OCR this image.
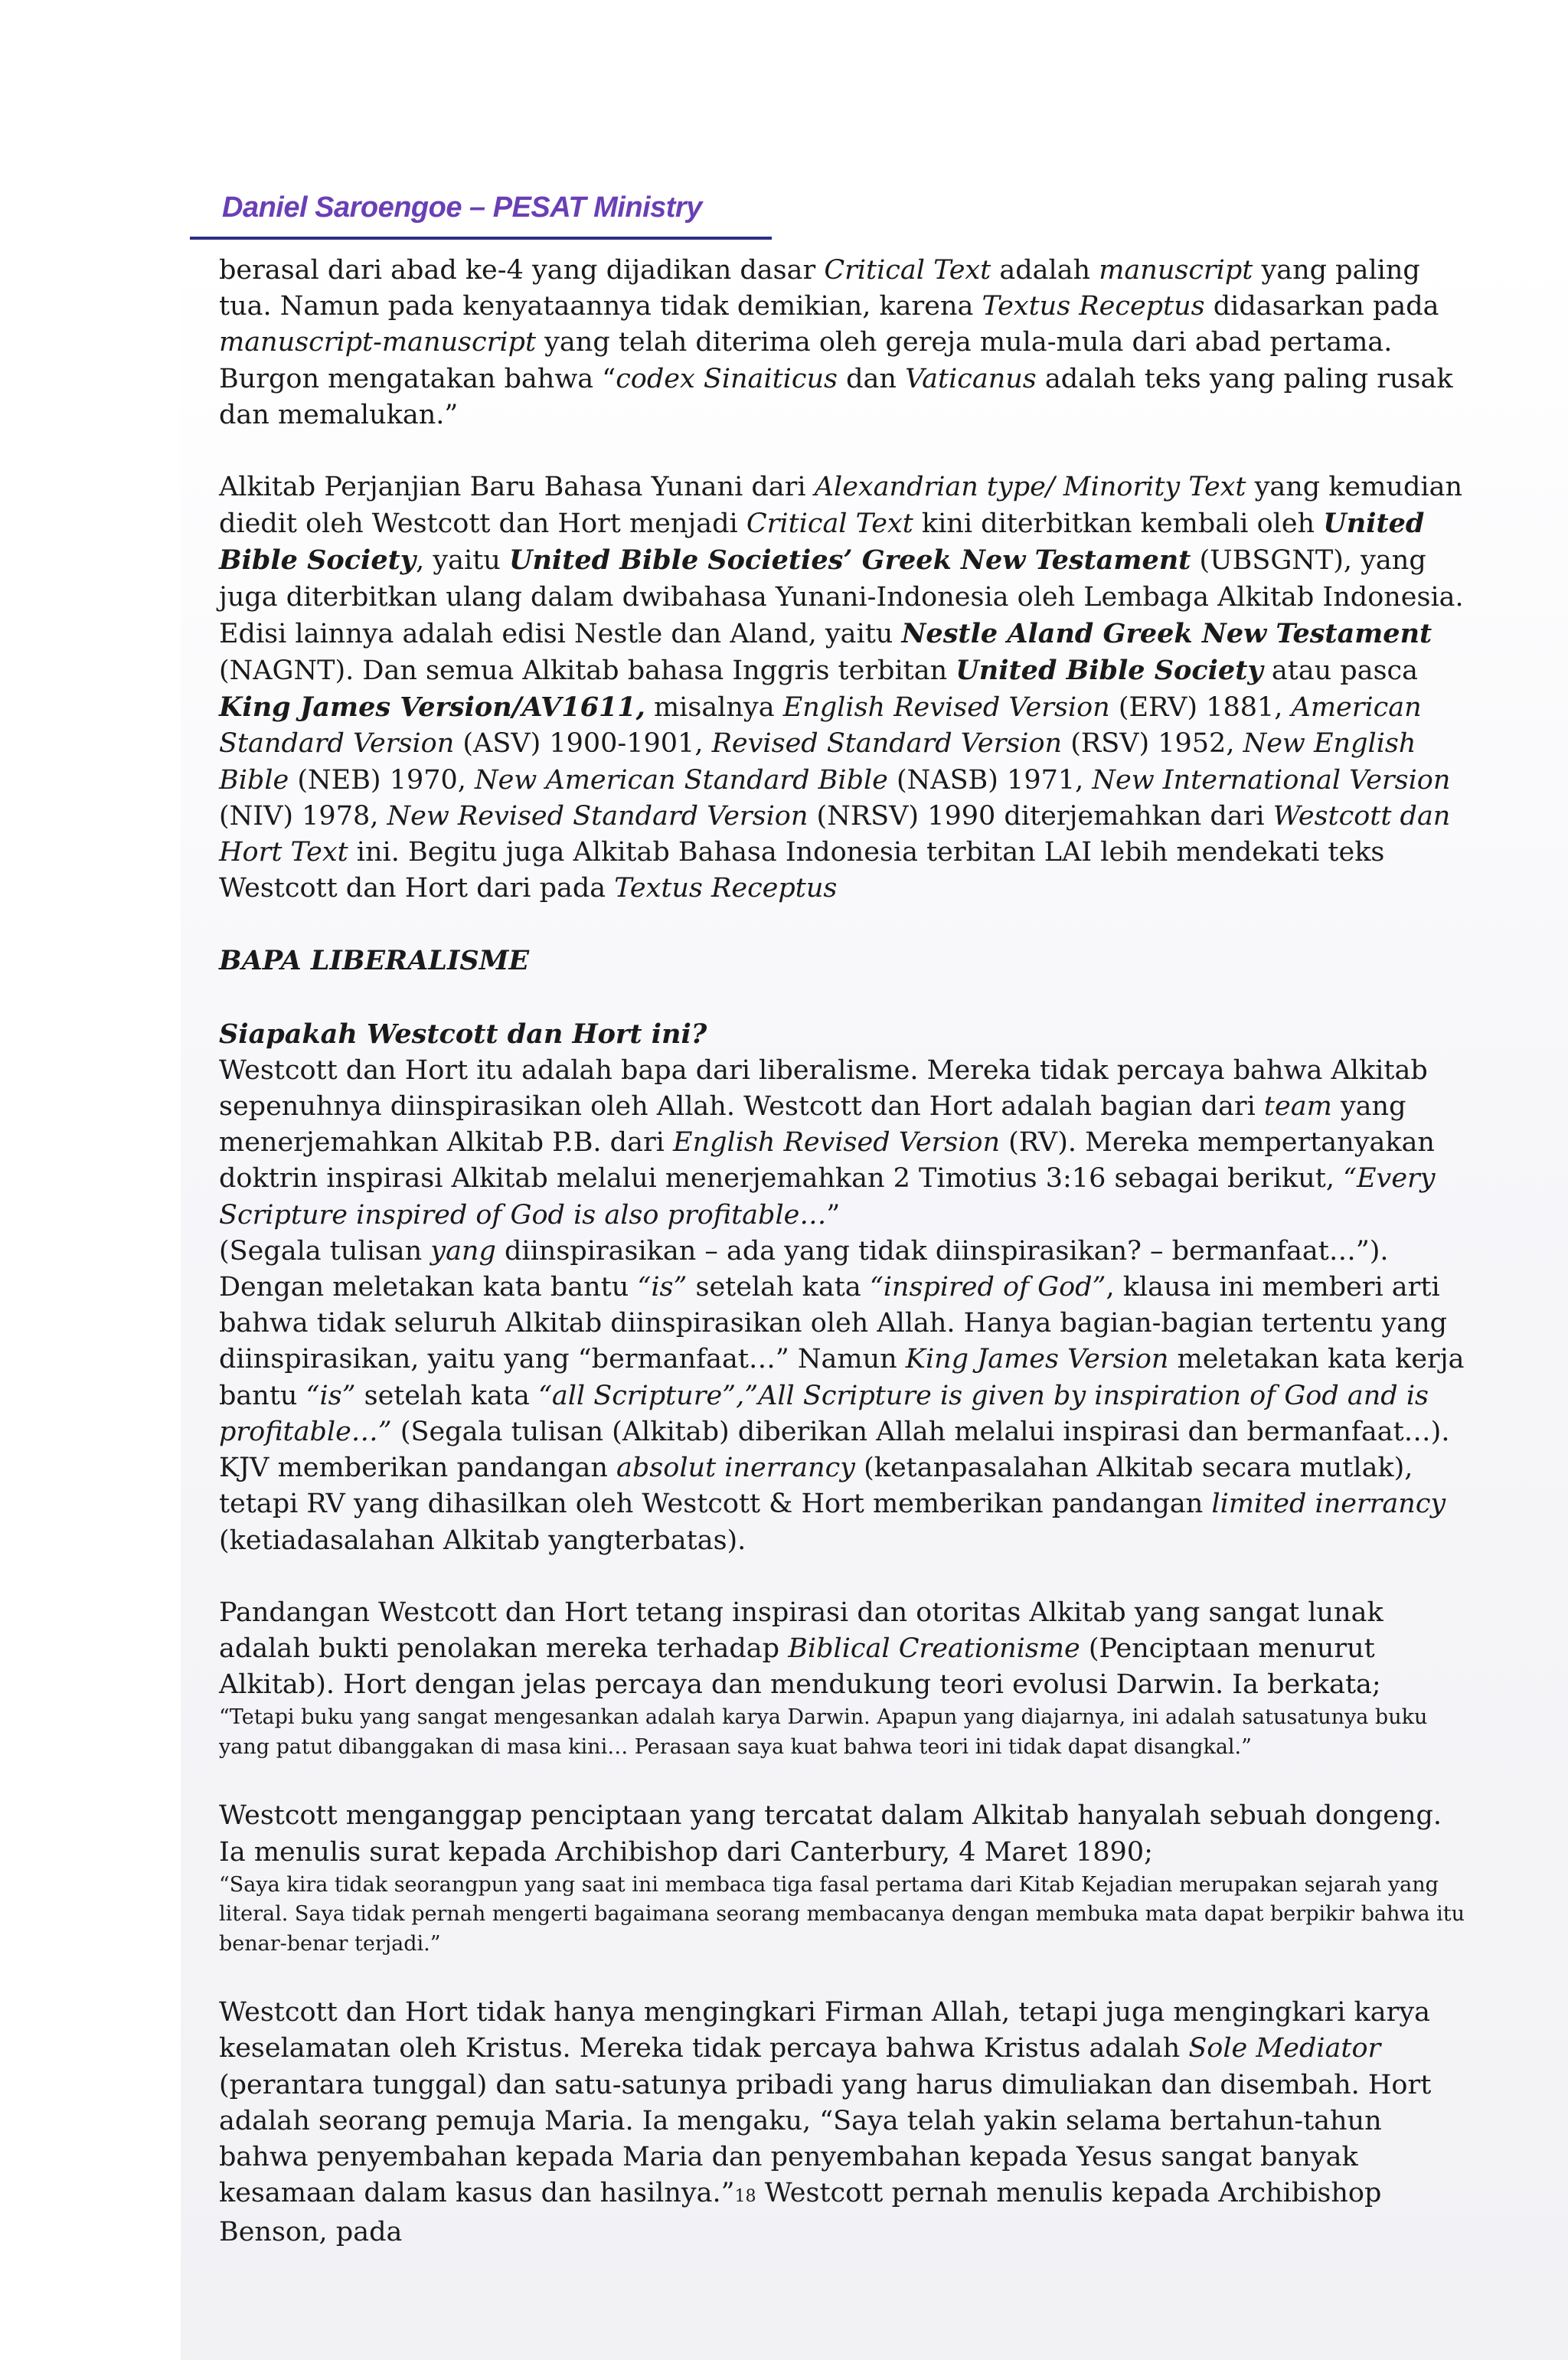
Daniel Saroengoe – PESAT Ministry

berasal dari abad ke-4 yang dijadikan dasar Critical Text adalah manuscript yang paling tua. Namun pada kenyataannya tidak demikian, karena Textus Receptus didasarkan pada manuscript-manuscript yang telah diterima oleh gereja mula-mula dari abad pertama. Burgon mengatakan bahwa “codex Sinaiticus dan Vaticanus adalah teks yang paling rusak dan memalukan.”

Alkitab Perjanjian Baru Bahasa Yunani dari Alexandrian type/ Minority Text yang kemudian diedit oleh Westcott dan Hort menjadi Critical Text kini diterbitkan kembali oleh United Bible Society, yaitu United Bible Societies’ Greek New Testament (UBSGNT), yang juga diterbitkan ulang dalam dwibahasa Yunani-Indonesia oleh Lembaga Alkitab Indonesia. Edisi lainnya adalah edisi Nestle dan Aland, yaitu Nestle Aland Greek New Testament (NAGNT). Dan semua Alkitab bahasa Inggris terbitan United Bible Society atau pasca King James Version/AV1611, misalnya English Revised Version (ERV) 1881, American Standard Version (ASV) 1900-1901, Revised Standard Version (RSV) 1952, New English Bible (NEB) 1970, New American Standard Bible (NASB) 1971, New International Version (NIV) 1978, New Revised Standard Version (NRSV) 1990 diterjemahkan dari Westcott dan Hort Text ini. Begitu juga Alkitab Bahasa Indonesia terbitan LAI lebih mendekati teks Westcott dan Hort dari pada Textus Receptus

BAPA LIBERALISME

Siapakah Westcott dan Hort ini?

Westcott dan Hort itu adalah bapa dari liberalisme. Mereka tidak percaya bahwa Alkitab sepenuhnya diinspirasikan oleh Allah. Westcott dan Hort adalah bagian dari team yang menerjemahkan Alkitab P.B. dari English Revised Version (RV). Mereka mempertanyakan doktrin inspirasi Alkitab melalui menerjemahkan 2 Timotius 3:16 sebagai berikut, “Every Scripture inspired of God is also profitable…”

(Segala tulisan yang diinspirasikan – ada yang tidak diinspirasikan? – bermanfaat…”). Dengan meletakan kata bantu “is” setelah kata “inspired of God”, klausa ini memberi arti bahwa tidak seluruh Alkitab diinspirasikan oleh Allah. Hanya bagian-bagian tertentu yang diinspirasikan, yaitu yang “bermanfaat…” Namun King James Version meletakan kata kerja bantu “is” setelah kata “all Scripture”,”All Scripture is given by inspiration of God and is profitable…” (Segala tulisan (Alkitab) diberikan Allah melalui inspirasi dan bermanfaat…). KJV memberikan pandangan absolut inerrancy (ketanpasalahan Alkitab secara mutlak), tetapi RV yang dihasilkan oleh Westcott & Hort memberikan pandangan limited inerrancy (ketiadasalahan Alkitab yangterbatas).

Pandangan Westcott dan Hort tetang inspirasi dan otoritas Alkitab yang sangat lunak adalah bukti penolakan mereka terhadap Biblical Creationisme (Penciptaan menurut Alkitab). Hort dengan jelas percaya dan mendukung teori evolusi Darwin. Ia berkata;

“Tetapi buku yang sangat mengesankan adalah karya Darwin. Apapun yang diajarnya, ini adalah satusatunya buku yang patut dibanggakan di masa kini… Perasaan saya kuat bahwa teori ini tidak dapat disangkal.”

Westcott menganggap penciptaan yang tercatat dalam Alkitab hanyalah sebuah dongeng. Ia menulis surat kepada Archibishop dari Canterbury, 4 Maret 1890;

“Saya kira tidak seorangpun yang saat ini membaca tiga fasal pertama dari Kitab Kejadian merupakan sejarah yang literal. Saya tidak pernah mengerti bagaimana seorang membacanya dengan membuka mata dapat berpikir bahwa itu benar-benar terjadi.”

Westcott dan Hort tidak hanya mengingkari Firman Allah, tetapi juga mengingkari karya keselamatan oleh Kristus. Mereka tidak percaya bahwa Kristus adalah Sole Mediator (perantara tunggal) dan satu-satunya pribadi yang harus dimuliakan dan disembah. Hort adalah seorang pemuja Maria. Ia mengaku, “Saya telah yakin selama bertahun-tahun bahwa penyembahan kepada Maria dan penyembahan kepada Yesus sangat banyak kesamaan dalam kasus dan hasilnya.”18 Westcott pernah menulis kepada Archibishop Benson, pada
